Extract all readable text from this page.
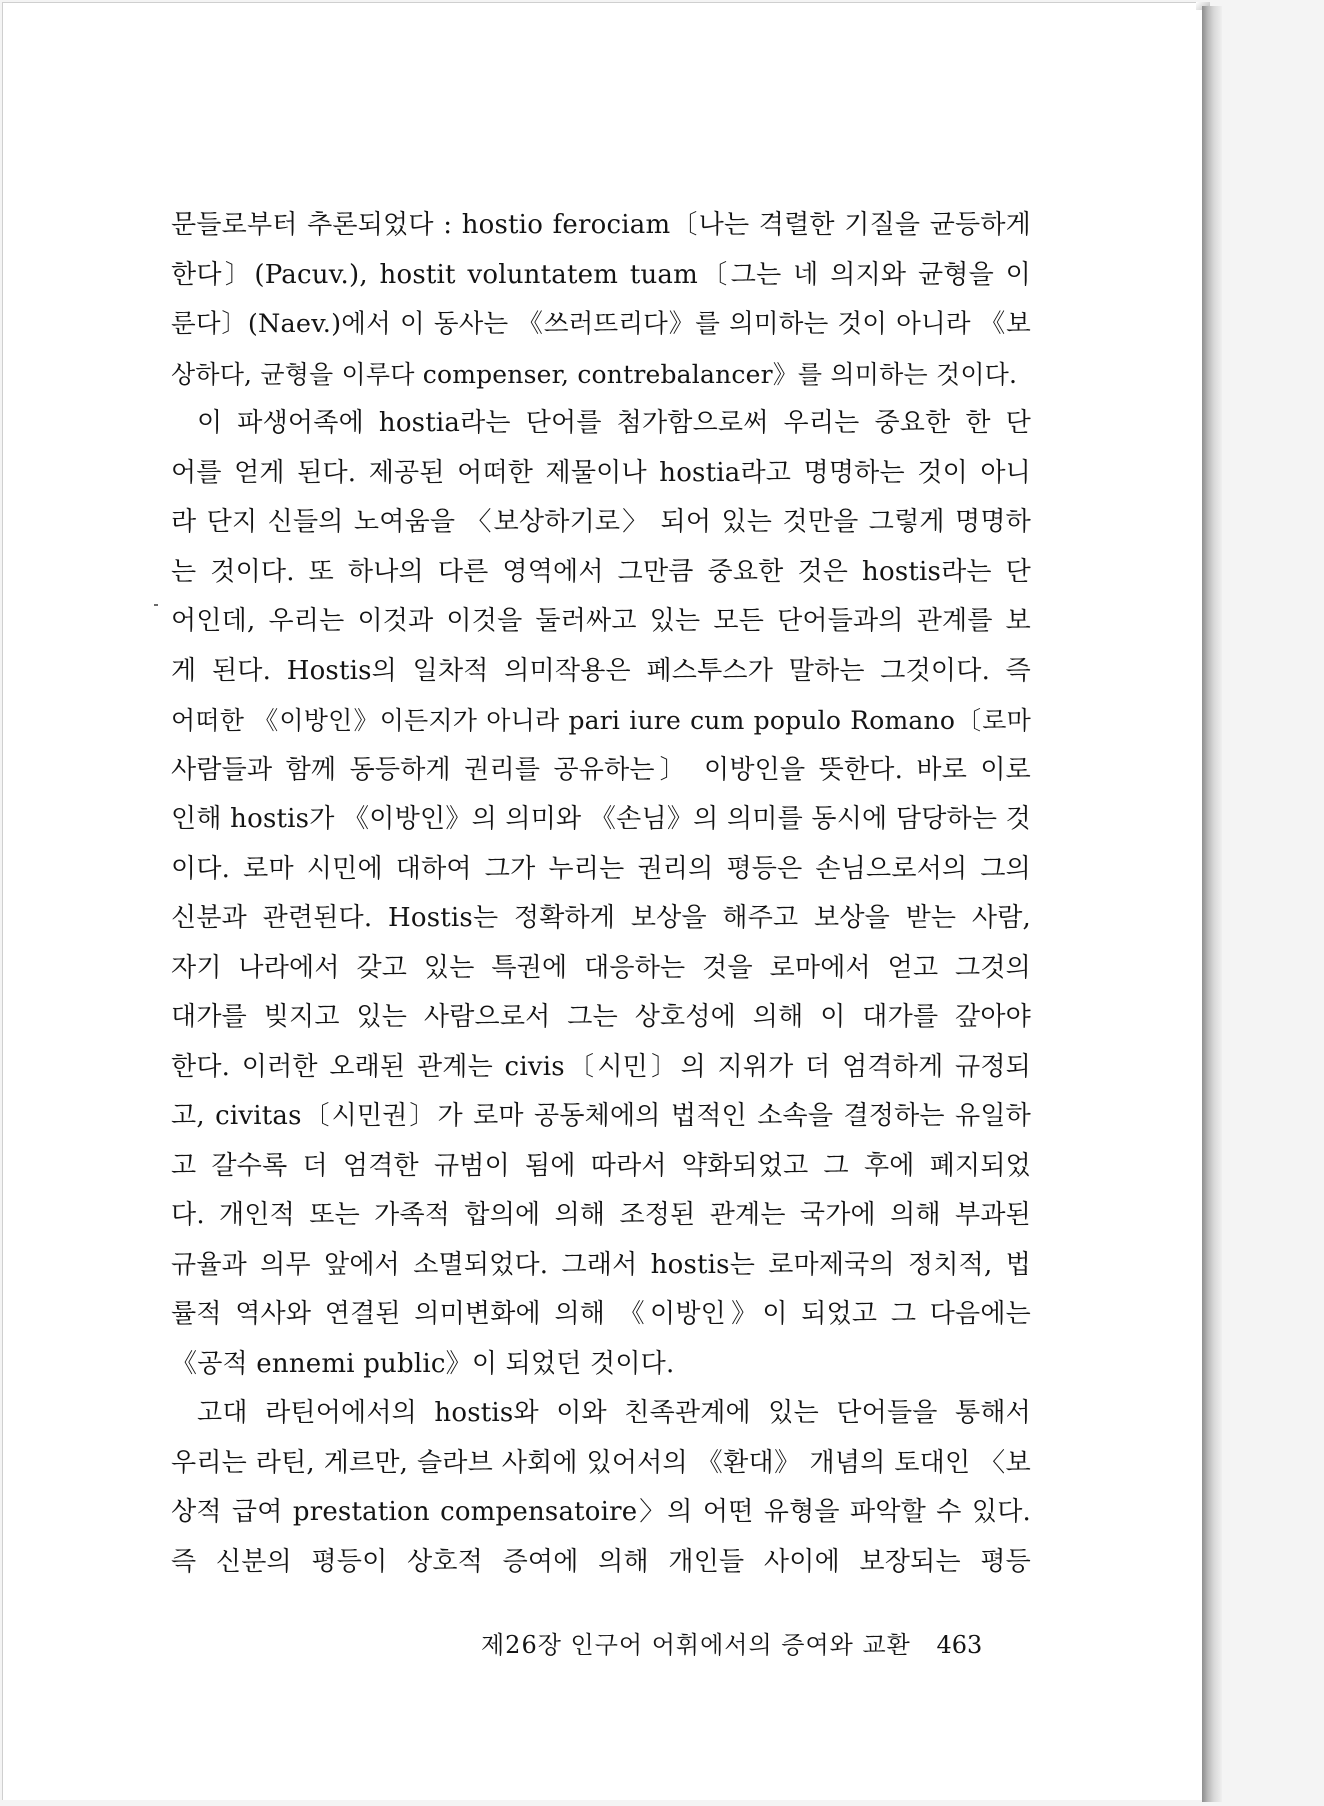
문들로부터 추론되었다 : hostio ferociam〔나는 격렬한 기질을 균등하게
한다〕(Pacuv.), hostit voluntatem tuam〔그는 네 의지와 균형을 이
룬다〕(Naev.)에서 이 동사는 《쓰러뜨리다》를 의미하는 것이 아니라 《보
상하다, 균형을 이루다 compenser, contrebalancer》를 의미하는 것이다.
이 파생어족에 hostia라는 단어를 첨가함으로써 우리는 중요한 한 단
어를 얻게 된다. 제공된 어떠한 제물이나 hostia라고 명명하는 것이 아니
라 단지 신들의 노여움을 〈보상하기로〉 되어 있는 것만을 그렇게 명명하
는 것이다. 또 하나의 다른 영역에서 그만큼 중요한 것은 hostis라는 단
어인데, 우리는 이것과 이것을 둘러싸고 있는 모든 단어들과의 관계를 보
게 된다. Hostis의 일차적 의미작용은 페스투스가 말하는 그것이다. 즉
어떠한 《이방인》이든지가 아니라 pari iure cum populo Romano〔로마
사람들과 함께 동등하게 권리를 공유하는〕 이방인을 뜻한다. 바로 이로
인해 hostis가 《이방인》의 의미와 《손님》의 의미를 동시에 담당하는 것
이다. 로마 시민에 대하여 그가 누리는 권리의 평등은 손님으로서의 그의
신분과 관련된다. Hostis는 정확하게 보상을 해주고 보상을 받는 사람,
자기 나라에서 갖고 있는 특권에 대응하는 것을 로마에서 얻고 그것의
대가를 빚지고 있는 사람으로서 그는 상호성에 의해 이 대가를 갚아야
한다. 이러한 오래된 관계는 civis〔시민〕의 지위가 더 엄격하게 규정되
고, civitas〔시민권〕가 로마 공동체에의 법적인 소속을 결정하는 유일하
고 갈수록 더 엄격한 규범이 됨에 따라서 약화되었고 그 후에 폐지되었
다. 개인적 또는 가족적 합의에 의해 조정된 관계는 국가에 의해 부과된
규율과 의무 앞에서 소멸되었다. 그래서 hostis는 로마제국의 정치적, 법
률적 역사와 연결된 의미변화에 의해 《이방인》이 되었고 그 다음에는
《공적 ennemi public》이 되었던 것이다.
고대 라틴어에서의 hostis와 이와 친족관계에 있는 단어들을 통해서
우리는 라틴, 게르만, 슬라브 사회에 있어서의 《환대》 개념의 토대인 〈보
상적 급여 prestation compensatoire〉의 어떤 유형을 파악할 수 있다.
즉 신분의 평등이 상호적 증여에 의해 개인들 사이에 보장되는 평등
제26장 인구어 어휘에서의 증여와 교환 463
